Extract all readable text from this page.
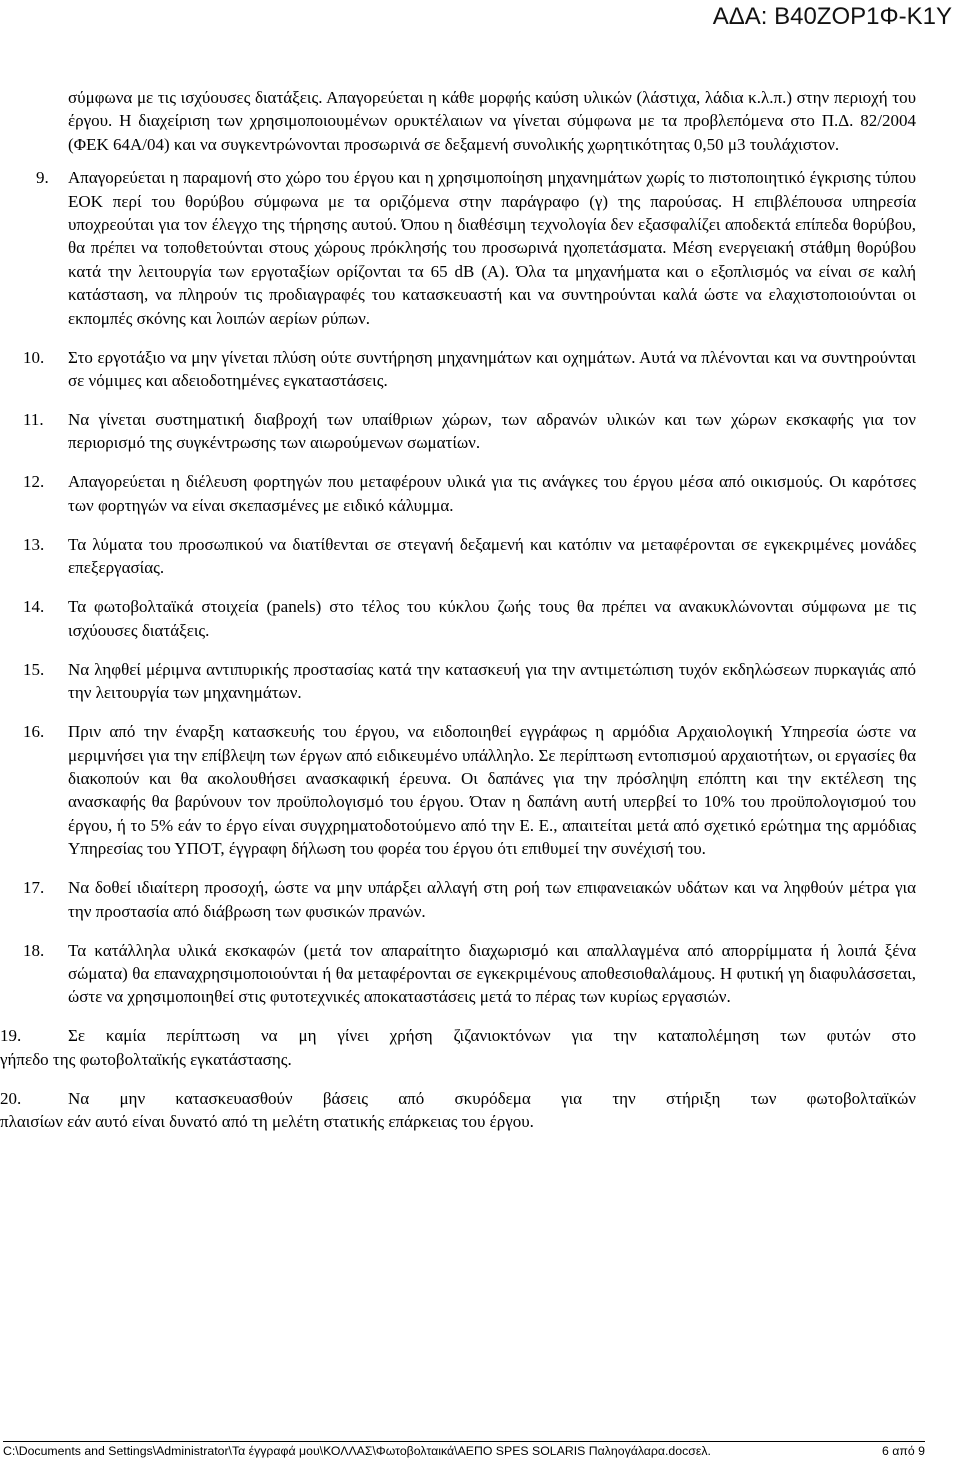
ΑΔΑ: Β40ΖΟΡ1Φ-Κ1Υ

σύμφωνα με τις ισχύουσες διατάξεις. Απαγορεύεται η κάθε μορφής καύση υλικών (λάστιχα, λάδια κ.λ.π.) στην περιοχή του έργου. Η διαχείριση των χρησιμοποιουμένων ορυκτέλαιων να γίνεται σύμφωνα με τα προβλεπόμενα στο Π.Δ. 82/2004 (ΦΕΚ 64Α/04) και να συγκεντρώνονται προσωρινά σε δεξαμενή συνολικής χωρητικότητας 0,50 μ3 τουλάχιστον.

9. Απαγορεύεται η παραμονή στο χώρο του έργου και η χρησιμοποίηση μηχανημάτων χωρίς το πιστοποιητικό έγκρισης τύπου ΕΟΚ περί του θορύβου σύμφωνα με τα οριζόμενα στην παράγραφο (γ) της παρούσας. Η επιβλέπουσα υπηρεσία υποχρεούται για τον έλεγχο της τήρησης αυτού. Όπου η διαθέσιμη τεχνολογία δεν εξασφαλίζει αποδεκτά επίπεδα θορύβου, θα πρέπει να τοποθετούνται στους χώρους πρόκλησής του προσωρινά ηχοπετάσματα. Μέση ενεργειακή στάθμη θορύβου κατά την λειτουργία των εργοταξίων ορίζονται τα 65 dB (A). Όλα τα μηχανήματα και ο εξοπλισμός να είναι σε καλή κατάσταση, να πληρούν τις προδιαγραφές του κατασκευαστή και να συντηρούνται καλά ώστε να ελαχιστοποιούνται οι εκπομπές σκόνης και λοιπών αερίων ρύπων.

10. Στο εργοτάξιο να μην γίνεται πλύση ούτε συντήρηση μηχανημάτων και οχημάτων. Αυτά να πλένονται και να συντηρούνται σε νόμιμες και αδειοδοτημένες εγκαταστάσεις.

11. Να γίνεται συστηματική διαβροχή των υπαίθριων χώρων, των αδρανών υλικών και των χώρων εκσκαφής για τον περιορισμό της συγκέντρωσης των αιωρούμενων σωματίων.

12. Απαγορεύεται η διέλευση φορτηγών που μεταφέρουν υλικά για τις ανάγκες του έργου μέσα από οικισμούς. Οι καρότσες των φορτηγών να είναι σκεπασμένες με ειδικό κάλυμμα.

13. Τα λύματα του προσωπικού να διατίθενται σε στεγανή δεξαμενή και κατόπιν να μεταφέρονται σε εγκεκριμένες μονάδες επεξεργασίας.

14. Τα φωτοβολταϊκά στοιχεία (panels) στο τέλος του κύκλου ζωής τους θα πρέπει να ανακυκλώνονται σύμφωνα με τις ισχύουσες διατάξεις.

15. Να ληφθεί μέριμνα αντιπυρικής προστασίας κατά την κατασκευή για την αντιμετώπιση τυχόν εκδηλώσεων πυρκαγιάς από την λειτουργία των μηχανημάτων.

16. Πριν από την έναρξη κατασκευής του έργου, να ειδοποιηθεί εγγράφως η αρμόδια Αρχαιολογική Υπηρεσία ώστε να μεριμνήσει για την επίβλεψη των έργων από ειδικευμένο υπάλληλο. Σε περίπτωση εντοπισμού αρχαιοτήτων, οι εργασίες θα διακοπούν και θα ακολουθήσει ανασκαφική έρευνα. Οι δαπάνες για την πρόσληψη επόπτη και την εκτέλεση της ανασκαφής θα βαρύνουν τον προϋπολογισμό του έργου. Όταν η δαπάνη αυτή υπερβεί το 10% του προϋπολογισμού του έργου, ή το 5% εάν το έργο είναι συγχρηματοδοτούμενο από την Ε. Ε., απαιτείται μετά από σχετικό ερώτημα της αρμόδιας Υπηρεσίας του ΥΠΟΤ, έγγραφη δήλωση του φορέα του έργου ότι επιθυμεί την συνέχισή του.

17. Να δοθεί ιδιαίτερη προσοχή, ώστε να μην υπάρξει αλλαγή στη ροή των επιφανειακών υδάτων και να ληφθούν μέτρα για την προστασία από διάβρωση των φυσικών πρανών.

18. Τα κατάλληλα υλικά εκσκαφών (μετά τον απαραίτητο διαχωρισμό και απαλλαγμένα από απορρίμματα ή λοιπά ξένα σώματα) θα επαναχρησιμοποιούνται ή θα μεταφέρονται σε εγκεκριμένους αποθεσιοθαλάμους. Η φυτική γη διαφυλάσσεται, ώστε να χρησιμοποιηθεί στις φυτοτεχνικές αποκαταστάσεις μετά το πέρας των κυρίως εργασιών.

19.	Σε καμία περίπτωση να μη γίνει χρήση ζιζανιοκτόνων για την καταπολέμηση των φυτών στο
γήπεδο της φωτοβολταϊκής εγκατάστασης.
20.	Να μην κατασκευασθούν βάσεις από σκυρόδεμα για την στήριξη των φωτοβολταϊκών
πλαισίων εάν αυτό είναι δυνατό από τη μελέτη στατικής επάρκειας του έργου.
C:\Documents and Settings\Administrator\Τα έγγραφά μου\ΚΟΛΛΑΣ\Φωτοβολταικά\ΑΕΠΟ SPES SOLARIS Παληογάλαρα.docσελ.	6 από 9
